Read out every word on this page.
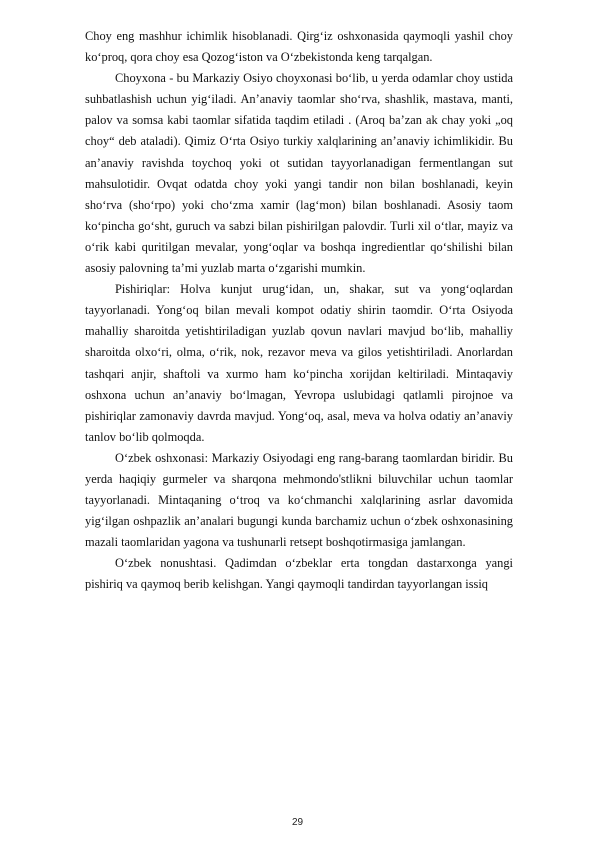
Choy eng mashhur ichimlik hisoblanadi. Qirgʻiz oshxonasida qaymoqli yashil choy koʻproq, qora choy esa Qozogʻiston va Oʻzbekistonda keng tarqalgan.

Choyxona - bu Markaziy Osiyo choyxonasi boʻlib, u yerda odamlar choy ustida suhbatlashish uchun yigʻiladi. Anʼanaviy taomlar shoʻrva, shashlik, mastava, manti, palov va somsa kabi taomlar sifatida taqdim etiladi . (Aroq baʼzan ak chay yoki „oq choy“ deb ataladi). Qimiz Oʻrta Osiyo turkiy xalqlarining anʼanaviy ichimlikidir. Bu anʼanaviy ravishda toychoq yoki ot sutidan tayyorlanadigan fermentlangan sut mahsulotidir. Ovqat odatda choy yoki yangi tandir non bilan boshlanadi, keyin shoʻrva (shoʻrpo) yoki choʻzma xamir (lagʻmon) bilan boshlanadi. Asosiy taom koʻpincha goʻsht, guruch va sabzi bilan pishirilgan palovdir. Turli xil oʻtlar, mayiz va oʻrik kabi quritilgan mevalar, yongʻoqlar va boshqa ingredientlar qoʻshilishi bilan asosiy palovning taʼmi yuzlab marta oʻzgarishi mumkin.

Pishiriqlar: Holva kunjut urugʻidan, un, shakar, sut va yongʻoqlardan tayyorlanadi. Yongʻoq bilan mevali kompot odatiy shirin taomdir. Oʻrta Osiyoda mahalliy sharoitda yetishtiriladigan yuzlab qovun navlari mavjud boʻlib, mahalliy sharoitda olxoʻri, olma, oʻrik, nok, rezavor meva va gilos yetishtiriladi. Anorlardan tashqari anjir, shaftoli va xurmo ham koʻpincha xorijdan keltiriladi. Mintaqaviy oshxona uchun anʼanaviy boʻlmagan, Yevropa uslubidagi qatlamli pirojnoe va pishiriqlar zamonaviy davrda mavjud. Yongʻoq, asal, meva va holva odatiy anʼanaviy tanlov boʻlib qolmoqda.

O‘zbek oshxonasi: Markaziy Osiyodagi eng rang-barang taomlardan biridir. Bu yerda haqiqiy gurmeler va sharqona mehmondo'stlikni biluvchilar uchun taomlar tayyorlanadi. Mintaqaning o‘troq va ko‘chmanchi xalqlarining asrlar davomida yig‘ilgan oshpazlik an’analari bugungi kunda barchamiz uchun o‘zbek oshxonasining mazali taomlaridan yagona va tushunarli retsept boshqotirmasiga jamlangan.

Oʻzbek nonushtasi. Qadimdan oʻzbeklar erta tongdan dastarxonga yangi pishiriq va qaymoq berib kelishgan. Yangi qaymoqli tandirdan tayyorlangan issiq

29
